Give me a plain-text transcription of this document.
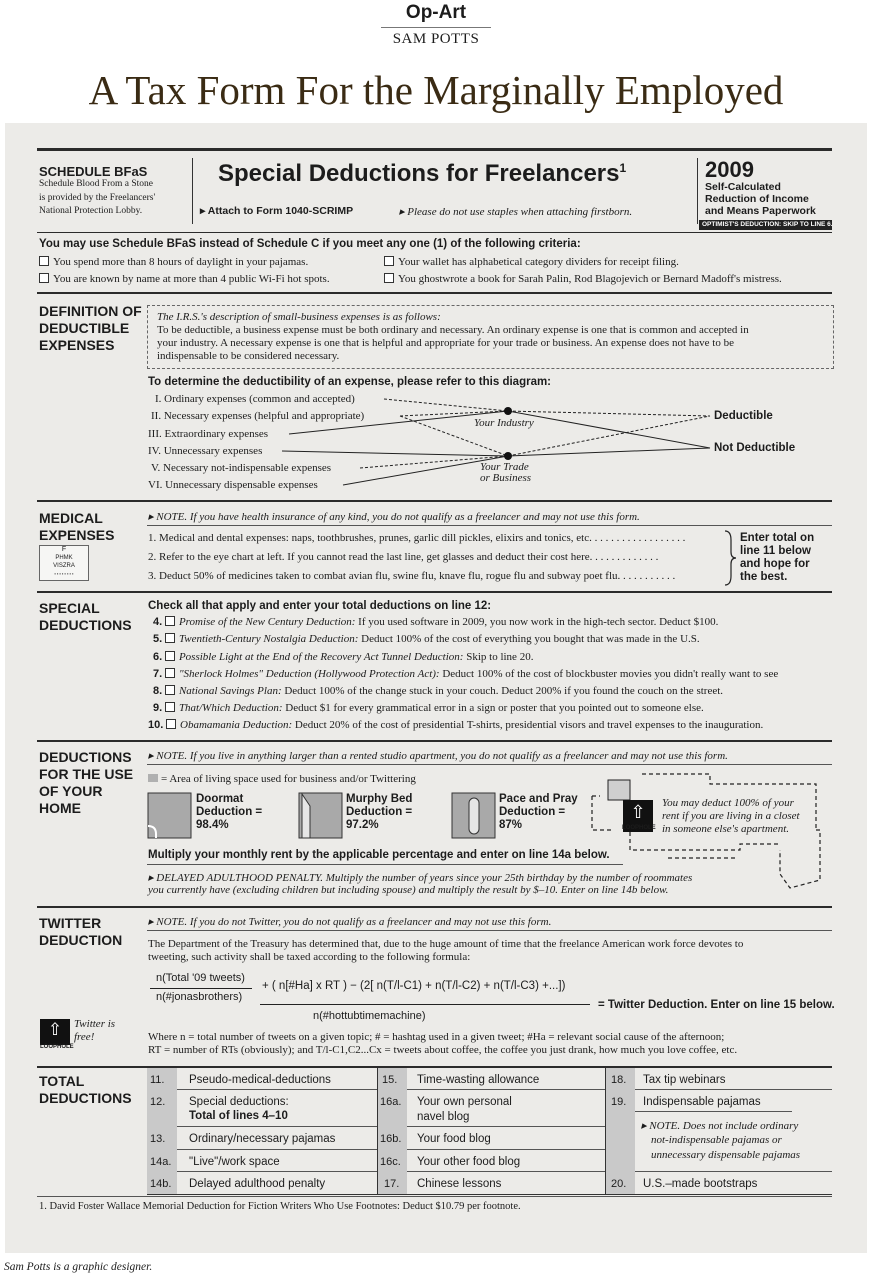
Op-Art
SAM POTTS
A Tax Form For the Marginally Employed
SCHEDULE BFaS
Schedule Blood From a Stone
is provided by the Freelancers'
National Protection Lobby.
Special Deductions for Freelancers$^1$
▸ Attach to Form 1040-SCRIMP	▸ Please do not use staples when attaching firstborn.
2009
Self-Calculated
Reduction of Income
and Means Paperwork
OPTIMIST'S DEDUCTION: SKIP TO LINE 6.
You may use Schedule BFaS instead of Schedule C if you meet any one (1) of the following criteria:
You spend more than 8 hours of daylight in your pajamas.	Your wallet has alphabetical category dividers for receipt filing.
You are known by name at more than 4 public Wi-Fi hot spots.	You ghostwrote a book for Sarah Palin, Rod Blagojevich or Bernard Madoff's mistress.
DEFINITION OF
DEDUCTIBLE
EXPENSES
The I.R.S.'s description of small-business expenses is as follows:
To be deductible, a business expense must be both ordinary and necessary. An ordinary expense is one that is common and accepted in
your industry. A necessary expense is one that is helpful and appropriate for your trade or business. An expense does not have to be
indispensable to be considered necessary.
To determine the deductibility of an expense, please refer to this diagram:
I. Ordinary expenses (common and accepted)
II. Necessary expenses (helpful and appropriate)
III. Extraordinary expenses
IV. Unnecessary expenses
V. Necessary not-indispensable expenses
VI. Unnecessary dispensable expenses
Your Industry
Your Trade
or Business
Deductible
Not Deductible
MEDICAL
EXPENSES
F
PHMK
VISZRA
▪ ▪ ▪ ▪ ▪ ▪ ▪ ▪
▸ NOTE. If you have health insurance of any kind, you do not qualify as a freelancer and may not use this form.
1. Medical and dental expenses: naps, toothbrushes, prunes, garlic dill pickles, elixirs and tonics, etc. . . . . . . . . . . . . . . . . .
2. Refer to the eye chart at left. If you cannot read the last line, get glasses and deduct their cost here. . . . . . . . . . . . .
3. Deduct 50% of medicines taken to combat avian flu, swine flu, knave flu, rogue flu and subway poet flu. . . . . . . . . . .
Enter total on
line 11 below
and hope for
the best.
SPECIAL
DEDUCTIONS
Check all that apply and enter your total deductions on line 12:
4. Promise of the New Century Deduction: If you used software in 2009, you now work in the high-tech sector. Deduct $100.
5. Twentieth-Century Nostalgia Deduction: Deduct 100% of the cost of everything you bought that was made in the U.S.
6. Possible Light at the End of the Recovery Act Tunnel Deduction: Skip to line 20.
7. "Sherlock Holmes" Deduction (Hollywood Protection Act): Deduct 100% of the cost of blockbuster movies you didn't really want to see
8. National Savings Plan: Deduct 100% of the change stuck in your couch. Deduct 200% if you found the couch on the street.
9. That/Which Deduction: Deduct $1 for every grammatical error in a sign or poster that you pointed out to someone else.
10. Obamamania Deduction: Deduct 20% of the cost of presidential T-shirts, presidential visors and travel expenses to the inauguration.
DEDUCTIONS
FOR THE USE
OF YOUR
HOME
▸ NOTE. If you live in anything larger than a rented studio apartment, you do not qualify as a freelancer and may not use this form.
= Area of living space used for business and/or Twittering
Doormat
Deduction =
98.4%
Murphy Bed
Deduction =
97.2%
Pace and Pray
Deduction =
87%
⇧
LOOPHOLE
You may deduct 100% of your
rent if you are living in a closet
in someone else's apartment.
Multiply your monthly rent by the applicable percentage and enter on line 14a below.
▸ DELAYED ADULTHOOD PENALTY. Multiply the number of years since your 25th birthday by the number of roommates
you currently have (excluding children but including spouse) and multiply the result by $–10. Enter on line 14b below.
TWITTER
DEDUCTION
▸ NOTE. If you do not Twitter, you do not qualify as a freelancer and may not use this form.
The Department of the Treasury has determined that, due to the huge amount of time that the freelance American work force devotes to
tweeting, such activity shall be taxed according to the following formula:
n(Total '09 tweets)
n(#jonasbrothers)
+ ( n[#Ha] x RT ) − (2[ n(T/l-C1) + n(T/l-C2) + n(T/l-C3) +...])
n(#hottubtimemachine)
= Twitter Deduction. Enter on line 15 below.
⇧
LOOPHOLE
Twitter is
free!	Where n = total number of tweets on a given topic; # = hashtag used in a given tweet; #Ha = relevant social cause of the afternoon;
RT = number of RTs (obviously); and T/l-C1,C2...Cx = tweets about coffee, the coffee you just drank, how much you love coffee, etc.
TOTAL
DEDUCTIONS
11. Pseudo-medical-deductions
12. Special deductions:
Total of lines 4–10
13. Ordinary/necessary pajamas
14a. "Live"/work space
14b. Delayed adulthood penalty
15. Time-wasting allowance
16a. Your own personal
navel blog
16b. Your food blog
16c. Your other food blog
17. Chinese lessons
18. Tax tip webinars
19. Indispensable pajamas
▸ NOTE. Does not include ordinary
not-indispensable pajamas or
unnecessary dispensable pajamas
20. U.S.–made bootstraps
1. David Foster Wallace Memorial Deduction for Fiction Writers Who Use Footnotes: Deduct $10.79 per footnote.
Sam Potts is a graphic designer.
